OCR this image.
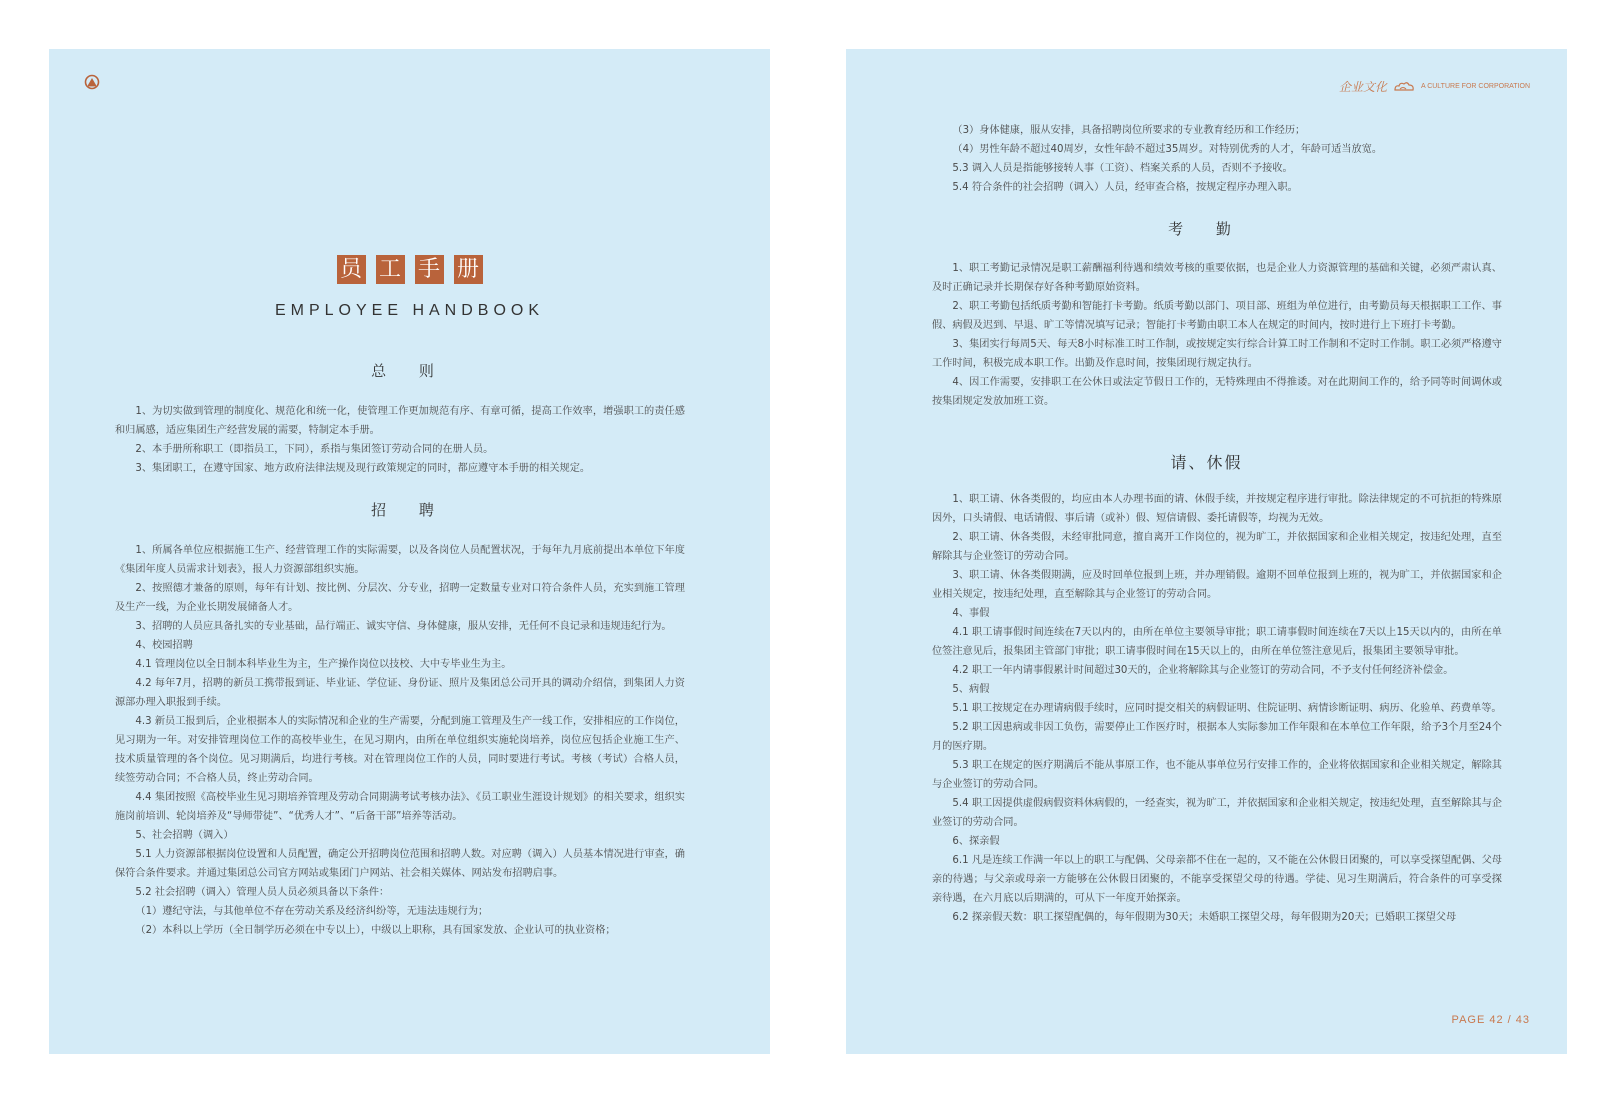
员 工 手 册
EMPLOYEE HANDBOOK
总 则

1、为切实做到管理的制度化、规范化和统一化，使管理工作更加规范有序、有章可循，提高工作效率，增强职工的责任感和归属感，适应集团生产经营发展的需要，特制定本手册。

2、本手册所称职工（即指员工，下同），系指与集团签订劳动合同的在册人员。

3、集团职工，在遵守国家、地方政府法律法规及现行政策规定的同时，都应遵守本手册的相关规定。

招 聘

1、所属各单位应根据施工生产、经营管理工作的实际需要，以及各岗位人员配置状况，于每年九月底前提出本单位下年度《集团年度人员需求计划表》，报人力资源部组织实施。

2、按照德才兼备的原则，每年有计划、按比例、分层次、分专业，招聘一定数量专业对口符合条件人员，充实到施工管理及生产一线，为企业长期发展储备人才。

3、招聘的人员应具备扎实的专业基础，品行端正、诚实守信、身体健康，服从安排，无任何不良记录和违规违纪行为。

4、校园招聘

4.1 管理岗位以全日制本科毕业生为主，生产操作岗位以技校、大中专毕业生为主。

4.2 每年7月，招聘的新员工携带报到证、毕业证、学位证、身份证、照片及集团总公司开具的调动介绍信，到集团人力资源部办理入职报到手续。

4.3 新员工报到后，企业根据本人的实际情况和企业的生产需要，分配到施工管理及生产一线工作，安排相应的工作岗位，见习期为一年。对安排管理岗位工作的高校毕业生，在见习期内，由所在单位组织实施轮岗培养，岗位应包括企业施工生产、技术质量管理的各个岗位。见习期满后，均进行考核。对在管理岗位工作的人员，同时要进行考试。考核（考试）合格人员，续签劳动合同；不合格人员，终止劳动合同。

4.4 集团按照《高校毕业生见习期培养管理及劳动合同期满考试考核办法》、《员工职业生涯设计规划》的相关要求，组织实施岗前培训、轮岗培养及“导师带徒”、“优秀人才”、“后备干部”培养等活动。

5、社会招聘（调入）

5.1 人力资源部根据岗位设置和人员配置，确定公开招聘岗位范围和招聘人数。对应聘（调入）人员基本情况进行审查，确保符合条件要求。并通过集团总公司官方网站或集团门户网站、社会相关媒体、网站发布招聘启事。

5.2 社会招聘（调入）管理人员人员必须具备以下条件：

（1）遵纪守法，与其他单位不存在劳动关系及经济纠纷等，无违法违规行为；

（2）本科以上学历（全日制学历必须在中专以上），中级以上职称，具有国家发放、企业认可的执业资格；

企业文化	A CULTURE FOR CORPORATION

（3）身体健康，服从安排，具备招聘岗位所要求的专业教育经历和工作经历；

（4）男性年龄不超过40周岁，女性年龄不超过35周岁。对特别优秀的人才，年龄可适当放宽。

5.3 调入人员是指能够接转人事（工资）、档案关系的人员，否则不予接收。

5.4 符合条件的社会招聘（调入）人员，经审查合格，按规定程序办理入职。

考 勤

1、职工考勤记录情况是职工薪酬福利待遇和绩效考核的重要依据，也是企业人力资源管理的基础和关键，必须严肃认真、及时正确记录并长期保存好各种考勤原始资料。

2、职工考勤包括纸质考勤和智能打卡考勤。纸质考勤以部门、项目部、班组为单位进行，由考勤员每天根据职工工作、事假、病假及迟到、早退、旷工等情况填写记录；智能打卡考勤由职工本人在规定的时间内，按时进行上下班打卡考勤。

3、集团实行每周5天、每天8小时标准工时工作制，或按规定实行综合计算工时工作制和不定时工作制。职工必须严格遵守工作时间，积极完成本职工作。出勤及作息时间，按集团现行规定执行。

4、因工作需要，安排职工在公休日或法定节假日工作的，无特殊理由不得推诿。对在此期间工作的，给予同等时间调休或按集团规定发放加班工资。

请、休假

1、职工请、休各类假的，均应由本人办理书面的请、休假手续，并按规定程序进行审批。除法律规定的不可抗拒的特殊原因外，口头请假、电话请假、事后请（或补）假、短信请假、委托请假等，均视为无效。

2、职工请、休各类假，未经审批同意，擅自离开工作岗位的，视为旷工，并依据国家和企业相关规定，按违纪处理，直至解除其与企业签订的劳动合同。

3、职工请、休各类假期满，应及时回单位报到上班，并办理销假。逾期不回单位报到上班的，视为旷工，并依据国家和企业相关规定，按违纪处理，直至解除其与企业签订的劳动合同。

4、事假

4.1 职工请事假时间连续在7天以内的，由所在单位主要领导审批；职工请事假时间连续在7天以上15天以内的，由所在单位签注意见后，报集团主管部门审批；职工请事假时间在15天以上的，由所在单位签注意见后，报集团主要领导审批。

4.2 职工一年内请事假累计时间超过30天的，企业将解除其与企业签订的劳动合同，不予支付任何经济补偿金。

5、病假

5.1 职工按规定在办理请病假手续时，应同时提交相关的病假证明、住院证明、病情诊断证明、病历、化验单、药费单等。

5.2 职工因患病或非因工负伤，需要停止工作医疗时，根据本人实际参加工作年限和在本单位工作年限，给予3个月至24个月的医疗期。

5.3 职工在规定的医疗期满后不能从事原工作，也不能从事单位另行安排工作的，企业将依据国家和企业相关规定，解除其与企业签订的劳动合同。

5.4 职工因提供虚假病假资料休病假的，一经查实，视为旷工，并依据国家和企业相关规定，按违纪处理，直至解除其与企业签订的劳动合同。

6、探亲假

6.1 凡是连续工作满一年以上的职工与配偶、父母亲都不住在一起的，又不能在公休假日团聚的，可以享受探望配偶、父母亲的待遇；与父亲或母亲一方能够在公休假日团聚的，不能享受探望父母的待遇。学徒、见习生期满后，符合条件的可享受探亲待遇，在六月底以后期满的，可从下一年度开始探亲。

6.2 探亲假天数：职工探望配偶的，每年假期为30天；未婚职工探望父母，每年假期为20天；已婚职工探望父母

PAGE 42 / 43
